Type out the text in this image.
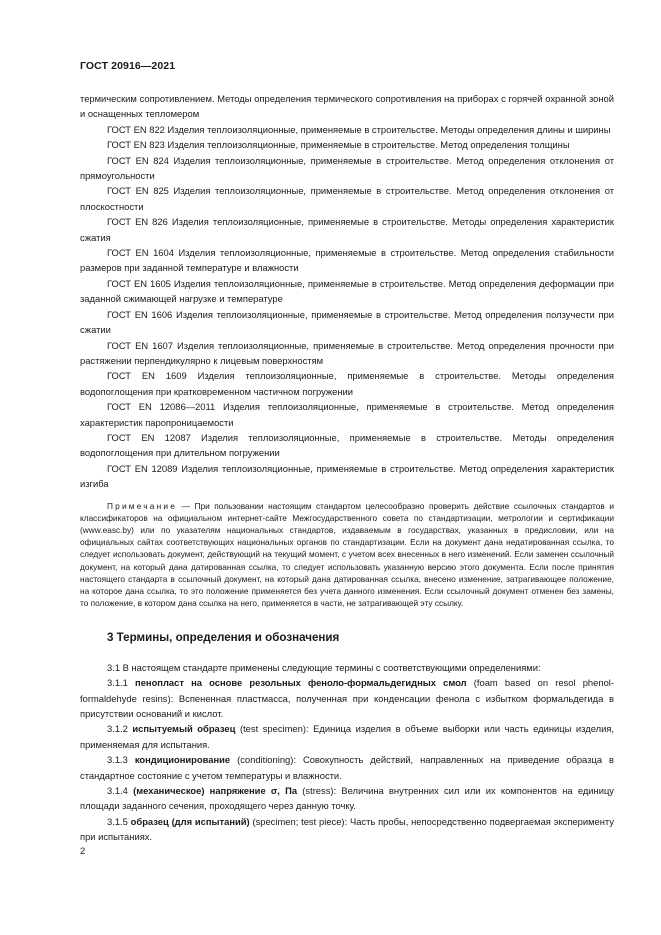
ГОСТ 20916—2021

термическим сопротивлением. Методы определения термического сопротивления на приборах с горячей охранной зоной и оснащенных тепломером

ГОСТ EN 822 Изделия теплоизоляционные, применяемые в строительстве. Методы определения длины и ширины

ГОСТ EN 823 Изделия теплоизоляционные, применяемые в строительстве. Метод определения толщины

ГОСТ EN 824 Изделия теплоизоляционные, применяемые в строительстве. Метод определения отклонения от прямоугольности

ГОСТ EN 825 Изделия теплоизоляционные, применяемые в строительстве. Метод определения отклонения от плоскостности

ГОСТ EN 826 Изделия теплоизоляционные, применяемые в строительстве. Методы определения характеристик сжатия

ГОСТ EN 1604 Изделия теплоизоляционные, применяемые в строительстве. Метод определения стабильности размеров при заданной температуре и влажности

ГОСТ EN 1605 Изделия теплоизоляционные, применяемые в строительстве. Метод определения деформации при заданной сжимающей нагрузке и температуре

ГОСТ EN 1606 Изделия теплоизоляционные, применяемые в строительстве. Метод определения ползучести при сжатии

ГОСТ EN 1607 Изделия теплоизоляционные, применяемые в строительстве. Метод определения прочности при растяжении перпендикулярно к лицевым поверхностям

ГОСТ EN 1609 Изделия теплоизоляционные, применяемые в строительстве. Методы определения водопоглощения при кратковременном частичном погружении

ГОСТ EN 12086—2011 Изделия теплоизоляционные, применяемые в строительстве. Метод определения характеристик паропроницаемости

ГОСТ EN 12087 Изделия теплоизоляционные, применяемые в строительстве. Методы определения водопоглощения при длительном погружении

ГОСТ EN 12089 Изделия теплоизоляционные, применяемые в строительстве. Метод определения характеристик изгиба

Примечание — При пользовании настоящим стандартом целесообразно проверить действие ссылочных стандартов и классификаторов на официальном интернет-сайте Межгосударственного совета по стандартизации, метрологии и сертификации (www.easc.by) или по указателям национальных стандартов, издаваемым в государствах, указанных в предисловии, или на официальных сайтах соответствующих национальных органов по стандартизации. Если на документ дана недатированная ссылка, то следует использовать документ, действующий на текущий момент, с учетом всех внесенных в него изменений. Если заменен ссылочный документ, на который дана датированная ссылка, то следует использовать указанную версию этого документа. Если после принятия настоящего стандарта в ссылочный документ, на который дана датированная ссылка, внесено изменение, затрагивающее положение, на которое дана ссылка, то это положение применяется без учета данного изменения. Если ссылочный документ отменен без замены, то положение, в котором дана ссылка на него, применяется в части, не затрагивающей эту ссылку.

3 Термины, определения и обозначения

3.1 В настоящем стандарте применены следующие термины с соответствующими определениями:

3.1.1 пенопласт на основе резольных феноло-формальдегидных смол (foam based on resol phenol-formaldehyde resins): Вспененная пластмасса, полученная при конденсации фенола с избытком формальдегида в присутствии оснований и кислот.

3.1.2 испытуемый образец (test specimen): Единица изделия в объеме выборки или часть единицы изделия, применяемая для испытания.

3.1.3 кондиционирование (conditioning): Совокупность действий, направленных на приведение образца в стандартное состояние с учетом температуры и влажности.

3.1.4 (механическое) напряжение σ, Па (stress): Величина внутренних сил или их компонентов на единицу площади заданного сечения, проходящего через данную точку.

3.1.5 образец (для испытаний) (specimen; test piece): Часть пробы, непосредственно подвергаемая эксперименту при испытаниях.

2
